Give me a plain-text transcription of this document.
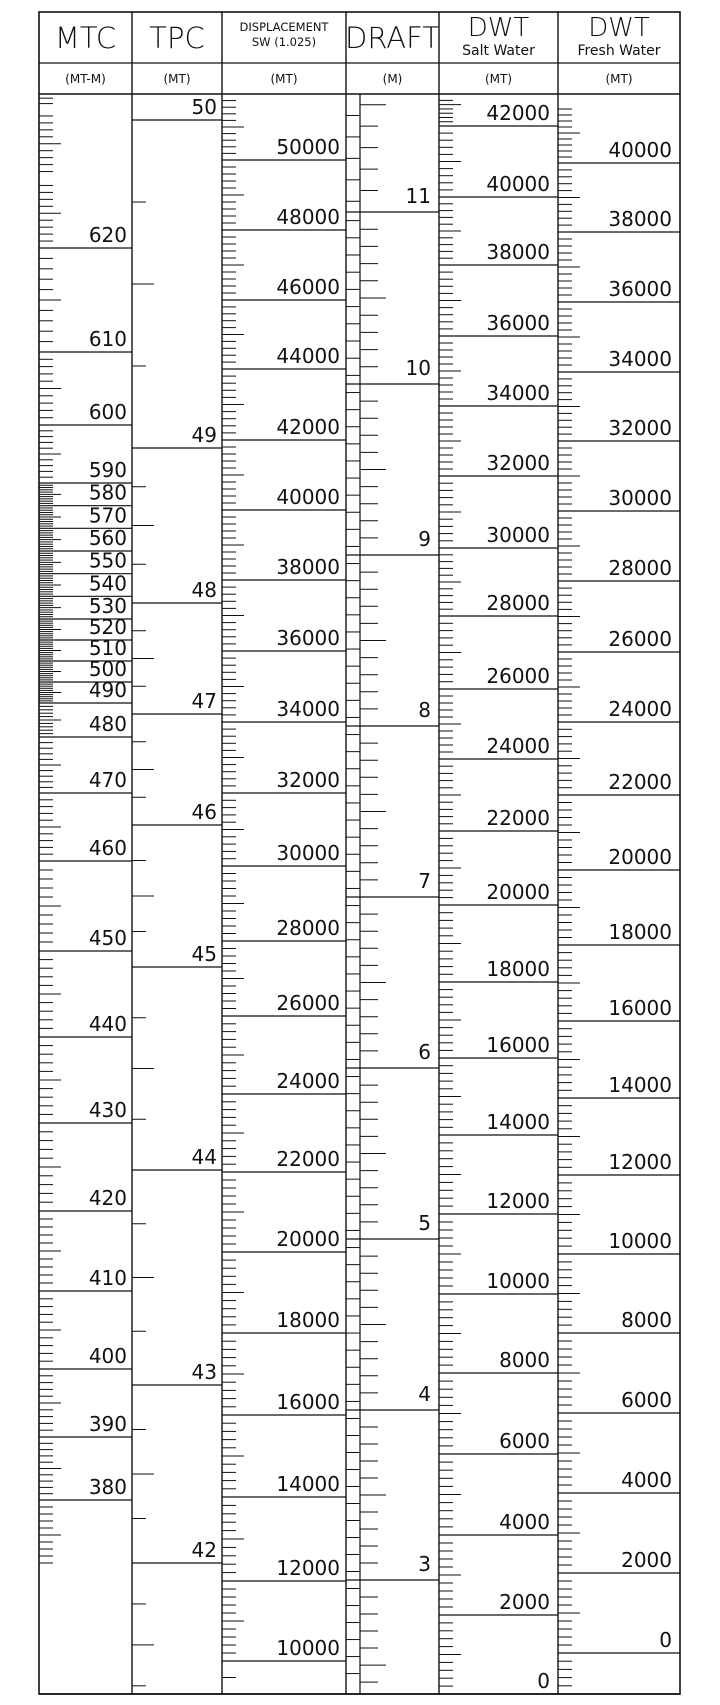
MTC
(MT-M)
TPC
(MT)
DISPLACEMENT
SW (1.025)
(MT)
DRAFT
(M)
DWT
Salt Water
(MT)
DWT
Fresh Water
(MT)
620
610
600
590
580
570
560
550
540
530
520
510
500
490
480
470
460
450
440
430
420
410
400
390
380
50
49
48
47
46
45
44
43
42
50000
48000
46000
44000
42000
40000
38000
36000
34000
32000
30000
28000
26000
24000
22000
20000
18000
16000
14000
12000
10000
11
10
9
8
7
6
5
4
3
42000
40000
38000
36000
34000
32000
30000
28000
26000
24000
22000
20000
18000
16000
14000
12000
10000
8000
6000
4000
2000
0
40000
38000
36000
34000
32000
30000
28000
26000
24000
22000
20000
18000
16000
14000
12000
10000
8000
6000
4000
2000
0
